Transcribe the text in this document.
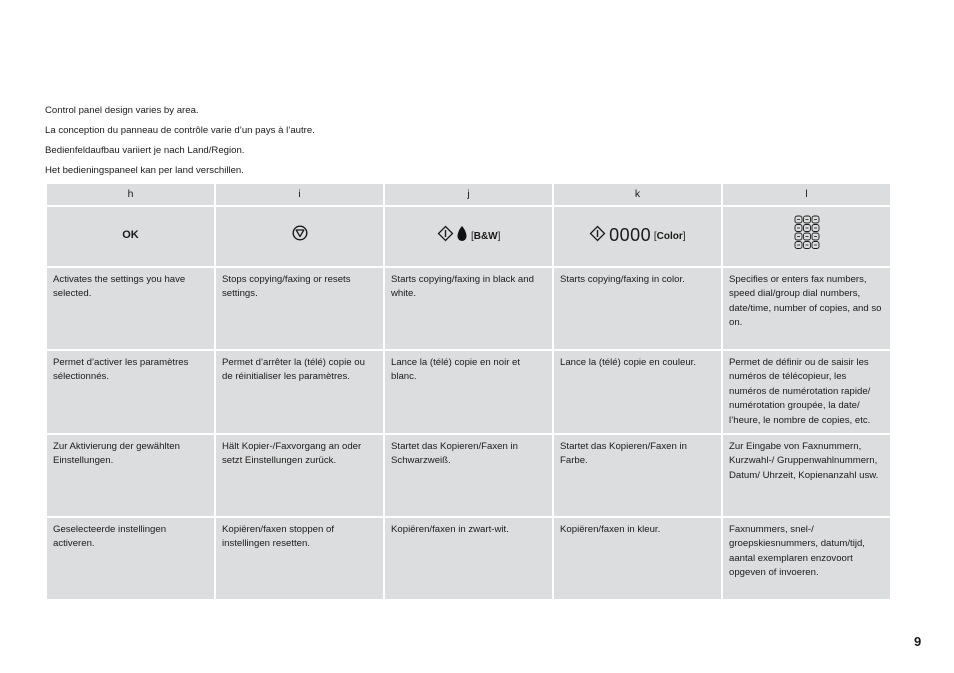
Control panel design varies by area.

La conception du panneau de contrôle varie d’un pays à l’autre.

Bedienfeldaufbau variiert je nach Land/Region.

Het bedieningspaneel kan per land verschillen.

h	i	j	k	l
OK		[B&W]	0000 [Color]	
Activates the settings you have selected.	Stops copying/faxing or resets settings.	Starts copying/faxing in black and white.	Starts copying/faxing in color.	Specifies or enters fax numbers, speed dial/group dial numbers, date/time, number of copies, and so on.
Permet d’activer les paramètres sélectionnés.	Permet d’arrêter la (télé) copie ou de réinitialiser les paramètres.	Lance la (télé) copie en noir et blanc.	Lance la (télé) copie en couleur.	Permet de définir ou de saisir les numéros de télécopieur, les numéros de numérotation rapide/ numérotation groupée, la date/ l’heure, le nombre de copies, etc.
Zur Aktivierung der gewählten Einstellungen.	Hält Kopier-/Faxvorgang an oder setzt Einstellungen zurück.	Startet das Kopieren/Faxen in Schwarzweiß.	Startet das Kopieren/Faxen in Farbe.	Zur Eingabe von Faxnummern, Kurzwahl-/ Gruppenwahlnummern, Datum/ Uhrzeit, Kopienanzahl usw.
Geselecteerde instellingen activeren.	Kopiëren/faxen stoppen of instellingen resetten.	Kopiëren/faxen in zwart-wit.	Kopiëren/faxen in kleur.	Faxnummers, snel-/ groepskiesnummers, datum/tijd, aantal exemplaren enzovoort opgeven of invoeren.
9
